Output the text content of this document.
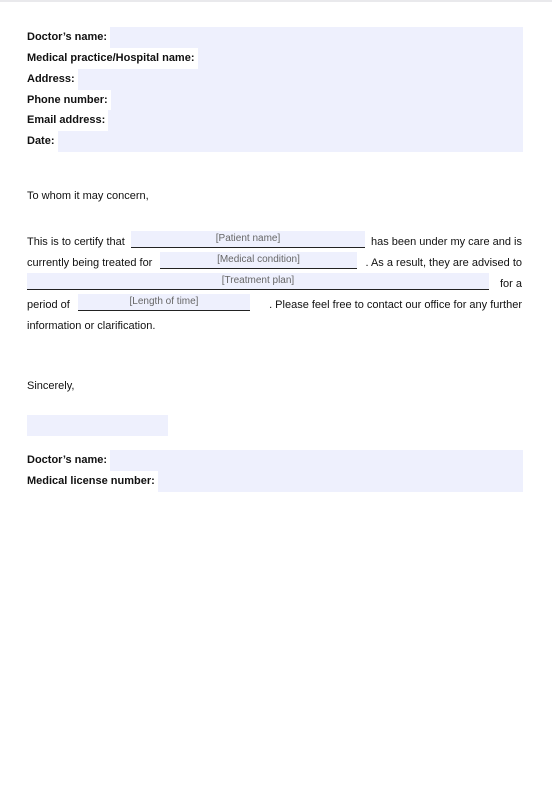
Doctor’s name:
Medical practice/Hospital name:
Address:
Phone number:
Email address:
Date:
To whom it may concern,
This is to certify that	[Patient name]	has been under my care and is
currently being treated for	[Medical condition]	. As a result, they are advised to
[Treatment plan]	for a
period of	[Length of time]	. Please feel free to contact our office for any further
information or clarification.
Sincerely,
Doctor’s name:
Medical license number:
